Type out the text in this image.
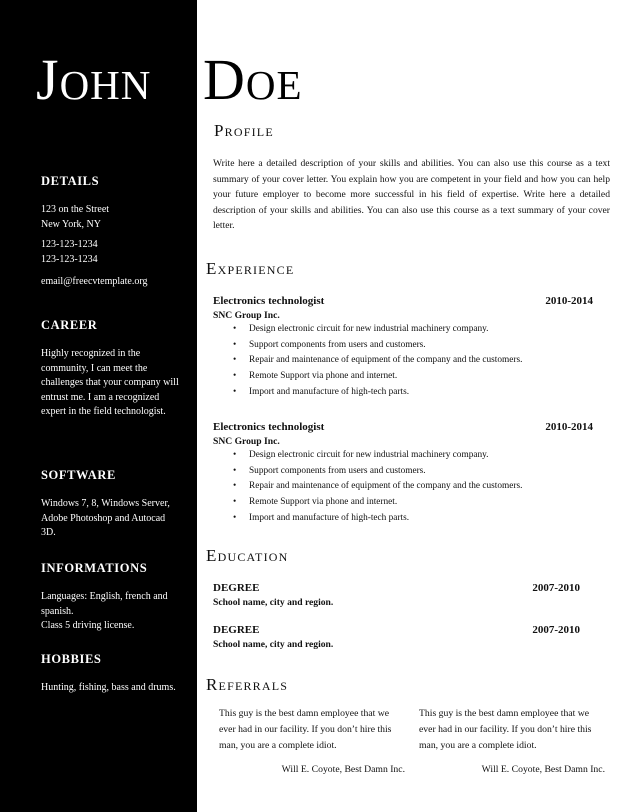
DETAILS
123 on the Street
New York, NY
123-123-1234
123-123-1234
email@freecvtemplate.org
CAREER

Highly recognized in the community, I can meet the challenges that your company will entrust me. I am a recognized expert in the field technologist.

SOFTWARE

Windows 7, 8, Windows Server, Adobe Photoshop and Autocad 3D.

INFORMATIONS
Languages: English, french and spanish.
Class 5 driving license.
HOBBIES

Hunting, fishing, bass and drums.

John Doe
Profile
Write here a detailed description of your skills and abilities. You can also use this course as a text summary of your cover letter. You explain how you are competent in your field and how you can help your future employer to become more successful in his field of expertise. Write here a detailed description of your skills and abilities. You can also use this course as a text summary of your cover letter.
Experience
Electronics technologist	2010-2014
SNC Group Inc.
• Design electronic circuit for new industrial machinery company.
• Support components from users and customers.
• Repair and maintenance of equipment of the company and the customers.
• Remote Support via phone and internet.
• Import and manufacture of high-tech parts.
Electronics technologist	2010-2014
SNC Group Inc.
• Design electronic circuit for new industrial machinery company.
• Support components from users and customers.
• Repair and maintenance of equipment of the company and the customers.
• Remote Support via phone and internet.
• Import and manufacture of high-tech parts.
Education
DEGREE	2007-2010
School name, city and region.
DEGREE	2007-2010
School name, city and region.
Referrals

This guy is the best damn employee that we ever had in our facility. If you don’t hire this man, you are a complete idiot.

Will E. Coyote, Best Damn Inc.

This guy is the best damn employee that we ever had in our facility. If you don’t hire this man, you are a complete idiot.

Will E. Coyote, Best Damn Inc.
